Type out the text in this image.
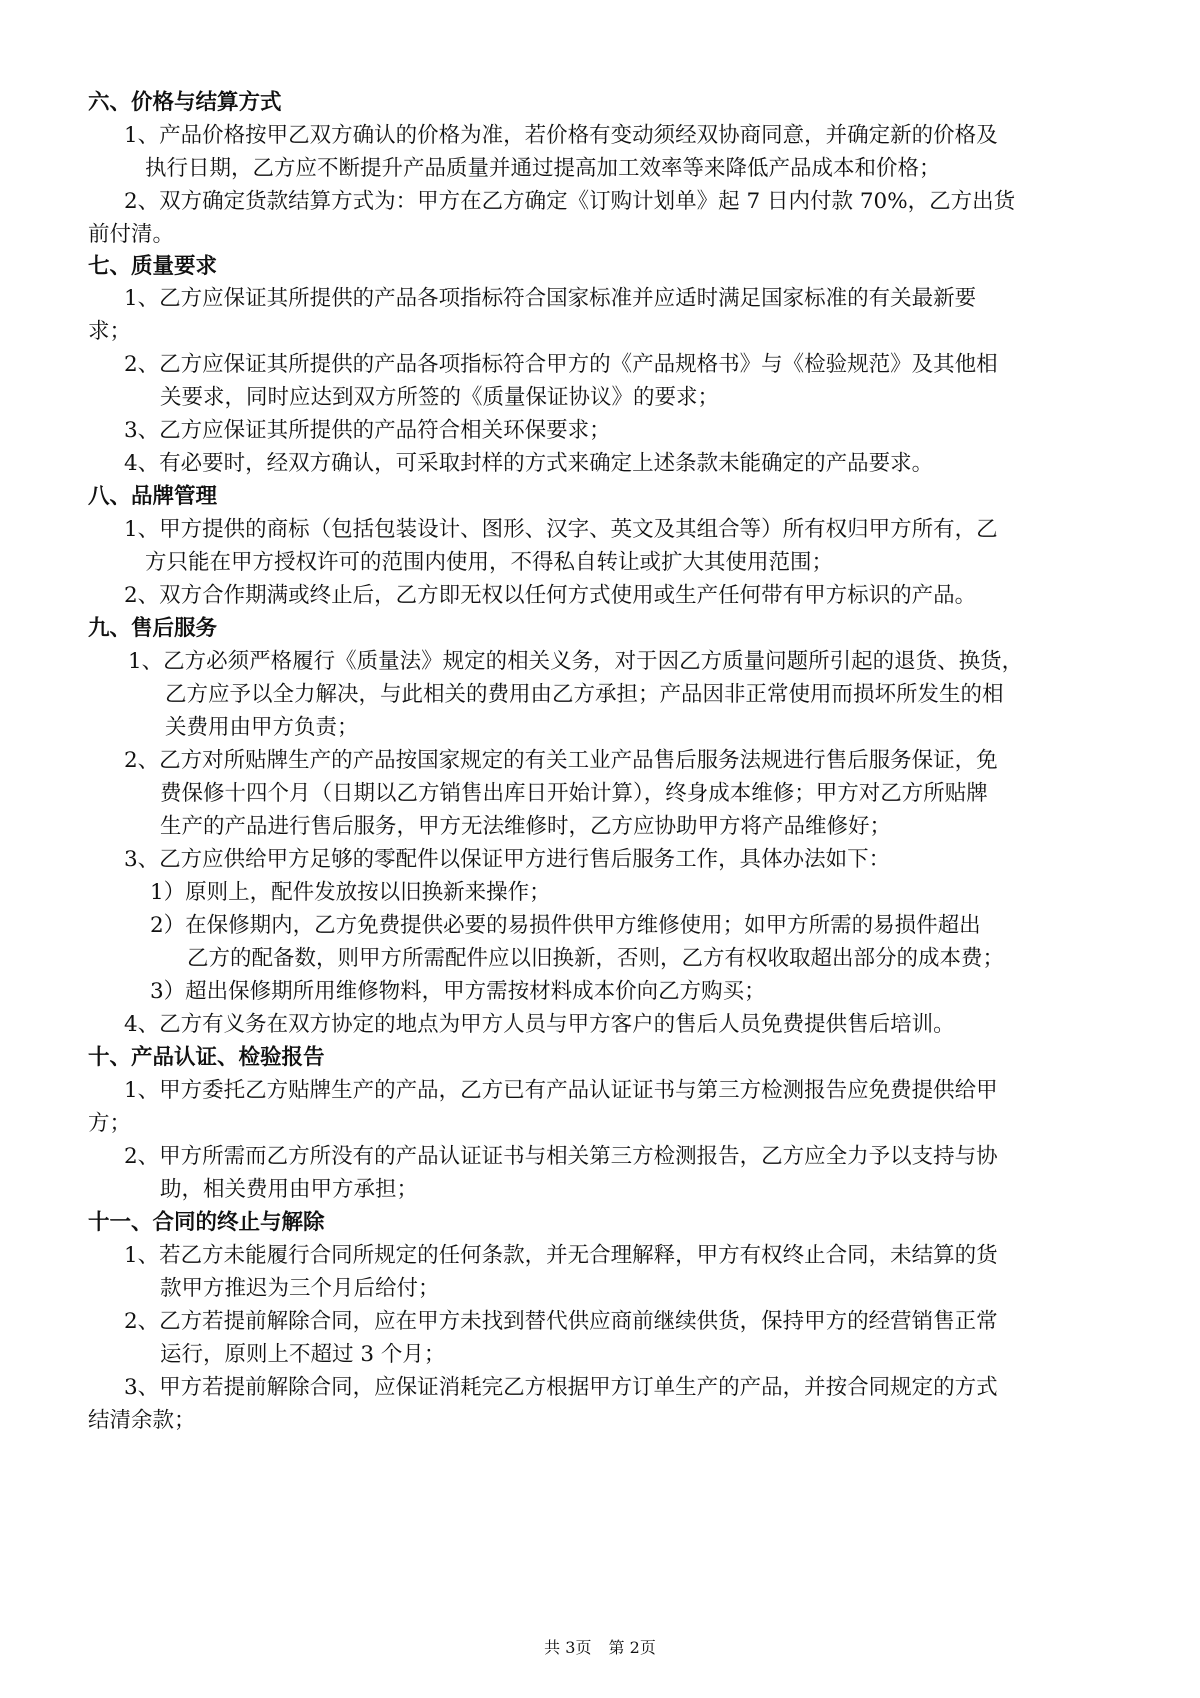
六、价格与结算方式
1、产品价格按甲乙双方确认的价格为准，若价格有变动须经双协商同意，并确定新的价格及
执行日期，乙方应不断提升产品质量并通过提高加工效率等来降低产品成本和价格；
2、双方确定货款结算方式为：甲方在乙方确定《订购计划单》起 7 日内付款 70%，乙方出货
前付清。
七、质量要求
1、乙方应保证其所提供的产品各项指标符合国家标准并应适时满足国家标准的有关最新要
求；
2、乙方应保证其所提供的产品各项指标符合甲方的《产品规格书》与《检验规范》及其他相
关要求，同时应达到双方所签的《质量保证协议》的要求；
3、乙方应保证其所提供的产品符合相关环保要求；
4、有必要时，经双方确认，可采取封样的方式来确定上述条款未能确定的产品要求。
八、品牌管理
1、甲方提供的商标（包括包装设计、图形、汉字、英文及其组合等）所有权归甲方所有，乙
方只能在甲方授权许可的范围内使用，不得私自转让或扩大其使用范围；
2、双方合作期满或终止后，乙方即无权以任何方式使用或生产任何带有甲方标识的产品。
九、售后服务
1、乙方必须严格履行《质量法》规定的相关义务，对于因乙方质量问题所引起的退货、换货，
乙方应予以全力解决，与此相关的费用由乙方承担；产品因非正常使用而损坏所发生的相
关费用由甲方负责；
2、乙方对所贴牌生产的产品按国家规定的有关工业产品售后服务法规进行售后服务保证，免
费保修十四个月（日期以乙方销售出库日开始计算），终身成本维修；甲方对乙方所贴牌
生产的产品进行售后服务，甲方无法维修时，乙方应协助甲方将产品维修好；
3、乙方应供给甲方足够的零配件以保证甲方进行售后服务工作，具体办法如下：
1）原则上，配件发放按以旧换新来操作；
2）在保修期内，乙方免费提供必要的易损件供甲方维修使用；如甲方所需的易损件超出
乙方的配备数，则甲方所需配件应以旧换新，否则，乙方有权收取超出部分的成本费；
3）超出保修期所用维修物料，甲方需按材料成本价向乙方购买；
4、乙方有义务在双方协定的地点为甲方人员与甲方客户的售后人员免费提供售后培训。
十、产品认证、检验报告
1、甲方委托乙方贴牌生产的产品，乙方已有产品认证证书与第三方检测报告应免费提供给甲
方；
2、甲方所需而乙方所没有的产品认证证书与相关第三方检测报告，乙方应全力予以支持与协
助，相关费用由甲方承担；
十一、合同的终止与解除
1、若乙方未能履行合同所规定的任何条款，并无合理解释，甲方有权终止合同，未结算的货
款甲方推迟为三个月后给付；
2、乙方若提前解除合同，应在甲方未找到替代供应商前继续供货，保持甲方的经营销售正常
运行，原则上不超过 3 个月；
3、甲方若提前解除合同，应保证消耗完乙方根据甲方订单生产的产品，并按合同规定的方式
结清余款；
共 3页 第 2页
